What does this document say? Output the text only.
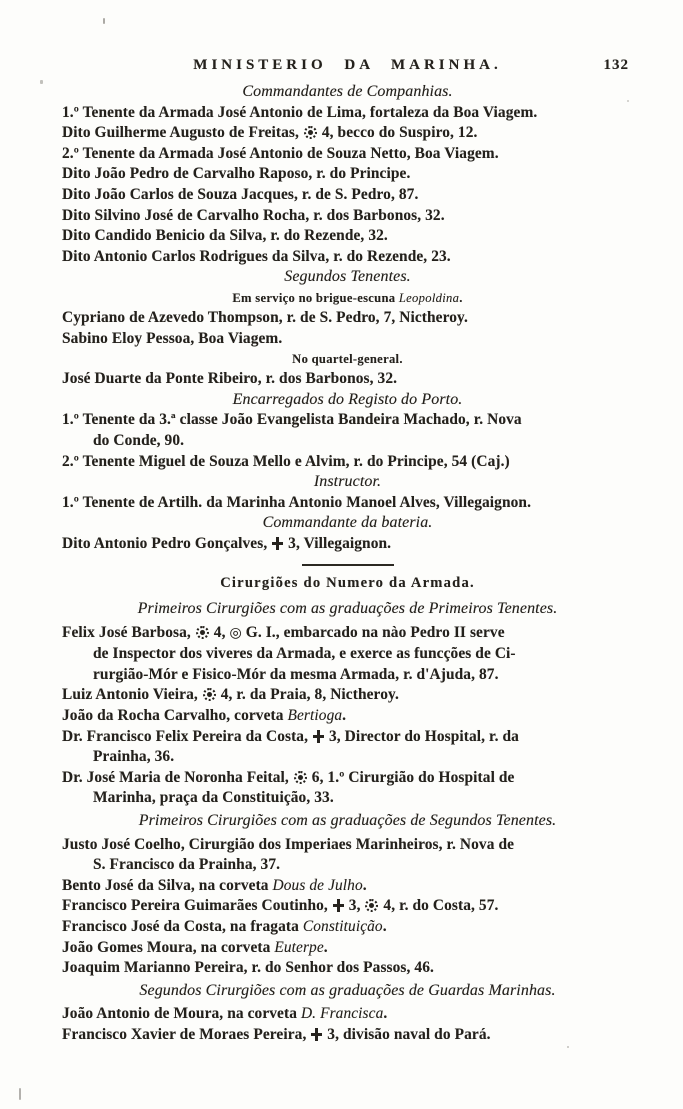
MINISTERIO DA MARINHA.	132
Commandantes de Companhias.
1.º Tenente da Armada José Antonio de Lima, fortaleza da Boa Viagem.
Dito Guilherme Augusto de Freitas,  4, becco do Suspiro, 12.
2.º Tenente da Armada José Antonio de Souza Netto, Boa Viagem.
Dito João Pedro de Carvalho Raposo, r. do Principe.
Dito João Carlos de Souza Jacques, r. de S. Pedro, 87.
Dito Silvino José de Carvalho Rocha, r. dos Barbonos, 32.
Dito Candido Benicio da Silva, r. do Rezende, 32.
Dito Antonio Carlos Rodrigues da Silva, r. do Rezende, 23.
Segundos Tenentes.
Em serviço no brigue-escuna Leopoldina.
Cypriano de Azevedo Thompson, r. de S. Pedro, 7, Nictheroy.
Sabino Eloy Pessoa, Boa Viagem.
No quartel-general.
José Duarte da Ponte Ribeiro, r. dos Barbonos, 32.
Encarregados do Registo do Porto.
1.º Tenente da 3.ª classe João Evangelista Bandeira Machado, r. Nova
do Conde, 90.
2.º Tenente Miguel de Souza Mello e Alvim, r. do Principe, 54 (Caj.)
Instructor.
1.º Tenente de Artilh. da Marinha Antonio Manoel Alves, Villegaignon.
Commandante da bateria.
Dito Antonio Pedro Gonçalves,  3, Villegaignon.
Cirurgiões do Numero da Armada.
Primeiros Cirurgiões com as graduações de Primeiros Tenentes.
Felix José Barbosa,  4, ◎ G. I., embarcado na nào Pedro II serve
de Inspector dos viveres da Armada, e exerce as funcções de Ci-
rurgião-Mór e Fisico-Mór da mesma Armada, r. d'Ajuda, 87.
Luiz Antonio Vieira,  4, r. da Praia, 8, Nictheroy.
João da Rocha Carvalho, corveta Bertioga.
Dr. Francisco Felix Pereira da Costa,  3, Director do Hospital, r. da
Prainha, 36.
Dr. José Maria de Noronha Feital,  6, 1.º Cirurgião do Hospital de
Marinha, praça da Constituição, 33.
Primeiros Cirurgiões com as graduações de Segundos Tenentes.
Justo José Coelho, Cirurgião dos Imperiaes Marinheiros, r. Nova de
S. Francisco da Prainha, 37.
Bento José da Silva, na corveta Dous de Julho.
Francisco Pereira Guimarães Coutinho,  3,  4, r. do Costa, 57.
Francisco José da Costa, na fragata Constituição.
João Gomes Moura, na corveta Euterpe.
Joaquim Marianno Pereira, r. do Senhor dos Passos, 46.
Segundos Cirurgiões com as graduações de Guardas Marinhas.
João Antonio de Moura, na corveta D. Francisca.
Francisco Xavier de Moraes Pereira,  3, divisão naval do Pará.
